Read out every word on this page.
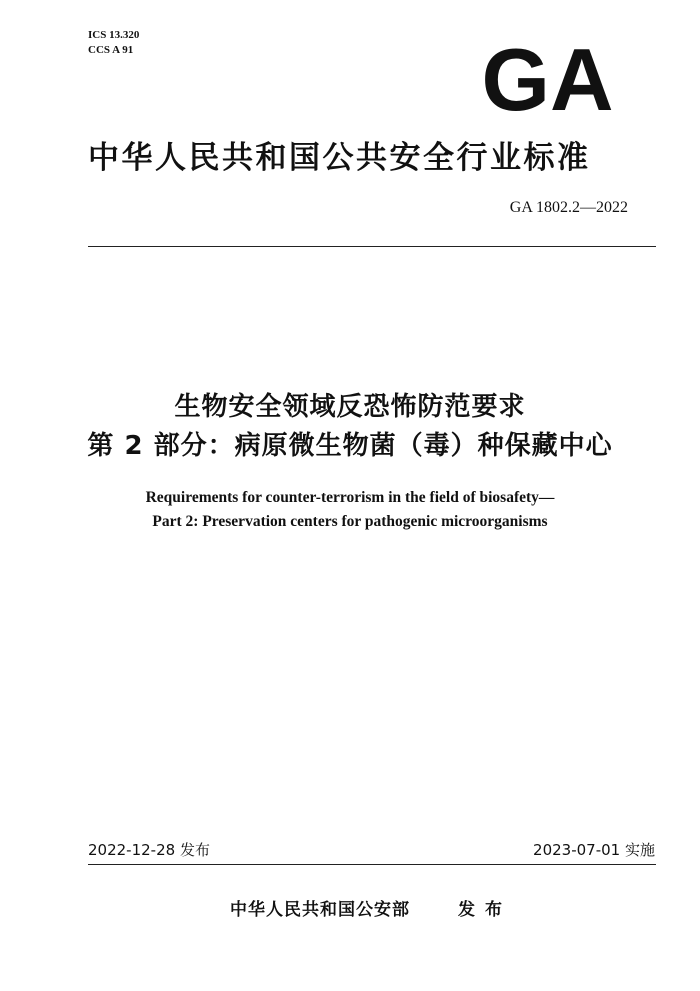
ICS 13.320
CCS A 91	GA
中华人民共和国公共安全行业标准
GA 1802.2—2022
生物安全领域反恐怖防范要求
第 2 部分：病原微生物菌（毒）种保藏中心
Requirements for counter-terrorism in the field of biosafety—
Part 2: Preservation centers for pathogenic microorganisms
2022-12-28 发布	2023-07-01 实施
中华人民共和国公安部	发布
